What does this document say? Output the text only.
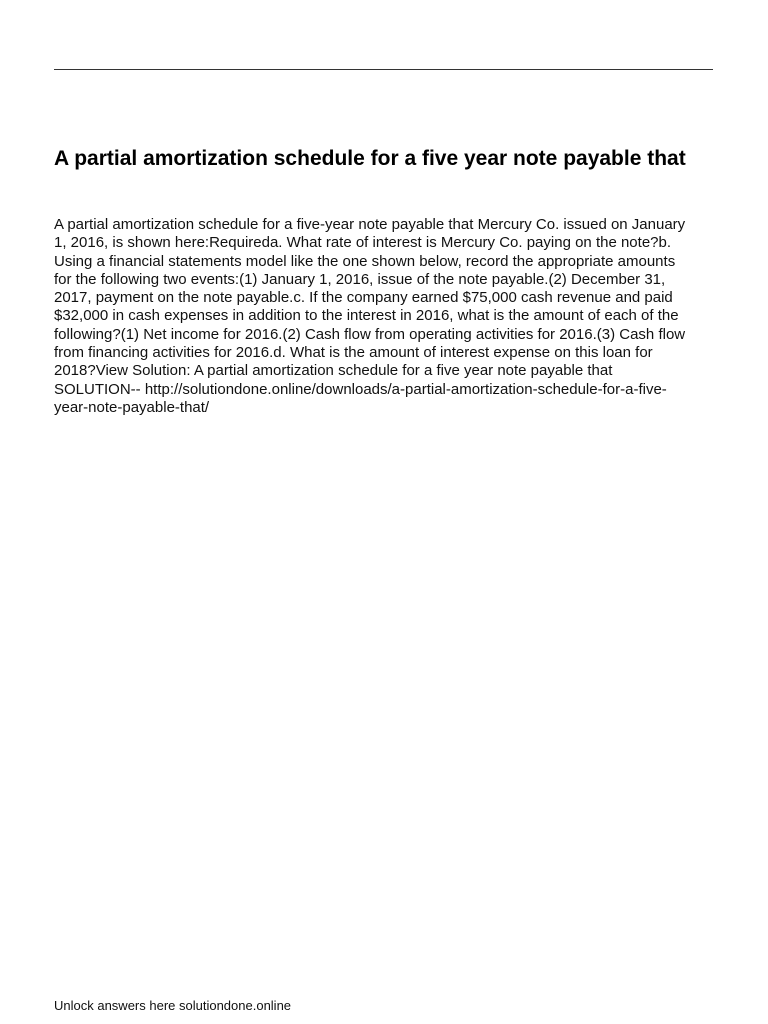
A partial amortization schedule for a five year note payable that
A partial amortization schedule for a five-year note payable that Mercury Co. issued on January
1, 2016, is shown here:Requireda. What rate of interest is Mercury Co. paying on the note?b.
Using a financial statements model like the one shown below, record the appropriate amounts
for the following two events:(1) January 1, 2016, issue of the note payable.(2) December 31,
2017, payment on the note payable.c. If the company earned $75,000 cash revenue and paid
$32,000 in cash expenses in addition to the interest in 2016, what is the amount of each of the
following?(1) Net income for 2016.(2) Cash flow from operating activities for 2016.(3) Cash flow
from financing activities for 2016.d. What is the amount of interest expense on this loan for
2018?View Solution: A partial amortization schedule for a five year note payable that
SOLUTION-- http://solutiondone.online/downloads/a-partial-amortization-schedule-for-a-five-
year-note-payable-that/

Unlock answers here solutiondone.online
